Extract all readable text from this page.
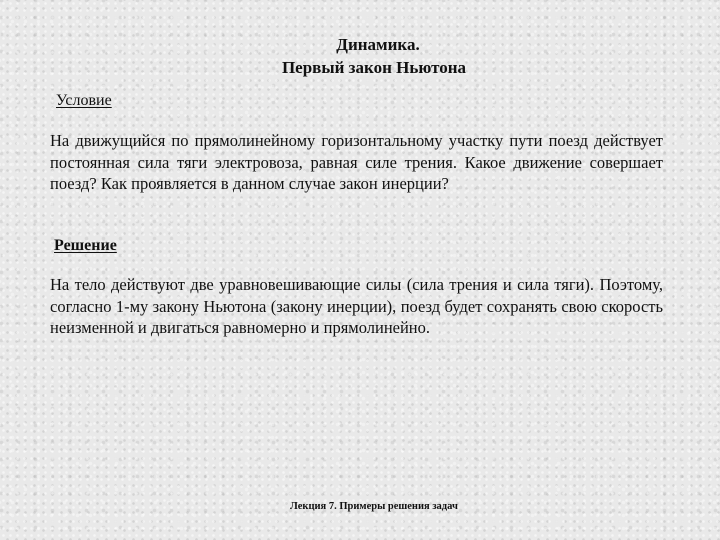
Динамика.
Первый закон Ньютона
Условие

На движущийся по прямолинейному горизонтальному участку пути поезд действует постоянная сила тяги электровоза, равная силе трения. Какое движение совершает поезд? Как проявляется в данном случае закон инерции?

Решение

На тело действуют две уравновешивающие силы (сила трения и сила тяги). Поэтому, согласно 1-му закону Ньютона (закону инерции), поезд будет сохранять свою скорость неизменной и двигаться равномерно и прямолинейно.

Лекция 7. Примеры решения задач
